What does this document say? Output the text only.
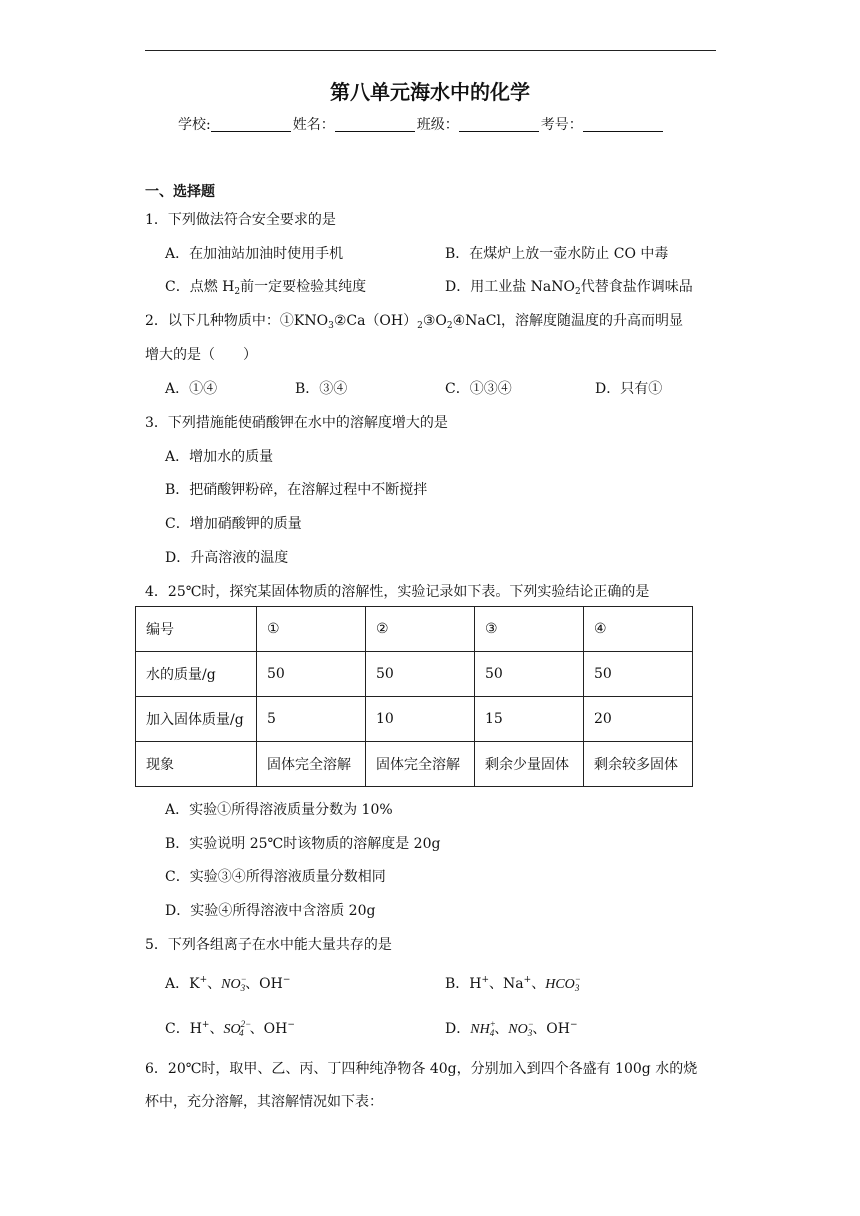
第八单元海水中的化学
学校:	姓名：	班级：	考号：
一、选择题
1．下列做法符合安全要求的是
A．在加油站加油时使用手机	B．在煤炉上放一壶水防止 CO 中毒
C．点燃 $H_2$前一定要检验其纯度	D．用工业盐 NaNO$_2$代替食盐作调味品
2．以下几种物质中：$①KNO_3②Ca(OH)_2③O_2④NaCl$，溶解度随温度的升高而明显
增大的是（　　）
A．①④	B．③④	C．①③④	D．只有①
3．下列措施能使硝酸钾在水中的溶解度增大的是
A．增加水的质量
B．把硝酸钾粉碎，在溶解过程中不断搅拌
C．增加硝酸钾的质量
D．升高溶液的温度
4．25℃时，探究某固体物质的溶解性，实验记录如下表。下列实验结论正确的是
编号	①	②	③	④
水的质量/g	50	50	50	50
加入固体质量/g	5	10	15	20
现象	固体完全溶解	固体完全溶解	剩余少量固体	剩余较多固体
A．实验①所得溶液质量分数为 10%
B．实验说明 25℃时该物质的溶解度是 20g
C．实验③④所得溶液质量分数相同
D．实验④所得溶液中含溶质 20g
5．下列各组离子在水中能大量共存的是
A．K+、$NO^-_3$、OH−	B．H+、Na+、$HCO^-_3$
C．H+、$SO^{2-}_4$ 、OH−	D．$NH^+_4$、$NO^-_3$、OH−
6．20℃时，取甲、乙、丙、丁四种纯净物各 40g，分别加入到四个各盛有 100g 水的烧
杯中，充分溶解，其溶解情况如下表：
